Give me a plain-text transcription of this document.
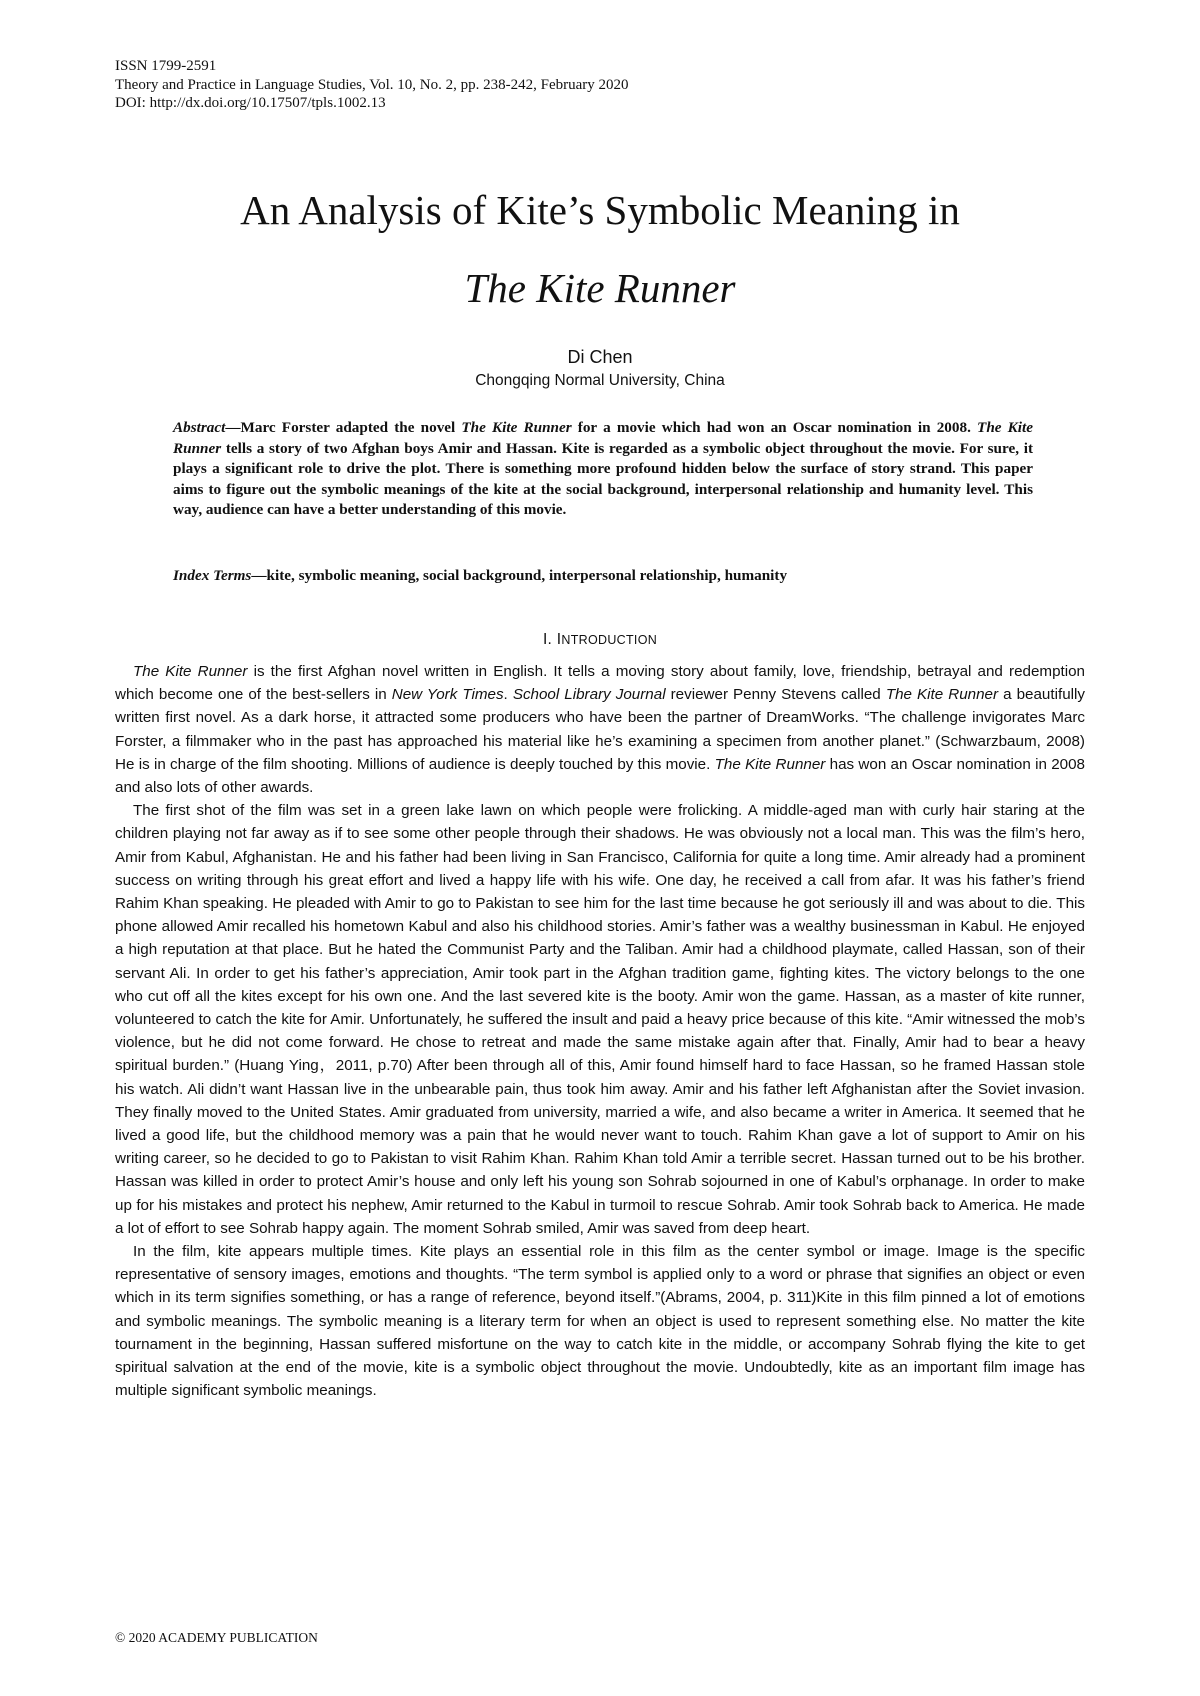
ISSN 1799-2591
Theory and Practice in Language Studies, Vol. 10, No. 2, pp. 238-242, February 2020
DOI: http://dx.doi.org/10.17507/tpls.1002.13
An Analysis of Kite’s Symbolic Meaning in
The Kite Runner
Di Chen
Chongqing Normal University, China
Abstract—Marc Forster adapted the novel The Kite Runner for a movie which had won an Oscar nomination in 2008. The Kite Runner tells a story of two Afghan boys Amir and Hassan. Kite is regarded as a symbolic object throughout the movie. For sure, it plays a significant role to drive the plot. There is something more profound hidden below the surface of story strand. This paper aims to figure out the symbolic meanings of the kite at the social background, interpersonal relationship and humanity level. This way, audience can have a better understanding of this movie.
Index Terms—kite, symbolic meaning, social background, interpersonal relationship, humanity
I. INTRODUCTION

The Kite Runner is the first Afghan novel written in English. It tells a moving story about family, love, friendship, betrayal and redemption which become one of the best-sellers in New York Times. School Library Journal reviewer Penny Stevens called The Kite Runner a beautifully written first novel. As a dark horse, it attracted some producers who have been the partner of DreamWorks. “The challenge invigorates Marc Forster, a filmmaker who in the past has approached his material like he’s examining a specimen from another planet.” (Schwarzbaum, 2008) He is in charge of the film shooting. Millions of audience is deeply touched by this movie. The Kite Runner has won an Oscar nomination in 2008 and also lots of other awards.

The first shot of the film was set in a green lake lawn on which people were frolicking. A middle-aged man with curly hair staring at the children playing not far away as if to see some other people through their shadows. He was obviously not a local man. This was the film’s hero, Amir from Kabul, Afghanistan. He and his father had been living in San Francisco, California for quite a long time. Amir already had a prominent success on writing through his great effort and lived a happy life with his wife. One day, he received a call from afar. It was his father’s friend Rahim Khan speaking. He pleaded with Amir to go to Pakistan to see him for the last time because he got seriously ill and was about to die. This phone allowed Amir recalled his hometown Kabul and also his childhood stories. Amir’s father was a wealthy businessman in Kabul. He enjoyed a high reputation at that place. But he hated the Communist Party and the Taliban. Amir had a childhood playmate, called Hassan, son of their servant Ali. In order to get his father’s appreciation, Amir took part in the Afghan tradition game, fighting kites. The victory belongs to the one who cut off all the kites except for his own one. And the last severed kite is the booty. Amir won the game. Hassan, as a master of kite runner, volunteered to catch the kite for Amir. Unfortunately, he suffered the insult and paid a heavy price because of this kite. “Amir witnessed the mob’s violence, but he did not come forward. He chose to retreat and made the same mistake again after that. Finally, Amir had to bear a heavy spiritual burden.” (Huang Ying，2011, p.70) After been through all of this, Amir found himself hard to face Hassan, so he framed Hassan stole his watch. Ali didn’t want Hassan live in the unbearable pain, thus took him away. Amir and his father left Afghanistan after the Soviet invasion. They finally moved to the United States. Amir graduated from university, married a wife, and also became a writer in America. It seemed that he lived a good life, but the childhood memory was a pain that he would never want to touch. Rahim Khan gave a lot of support to Amir on his writing career, so he decided to go to Pakistan to visit Rahim Khan. Rahim Khan told Amir a terrible secret. Hassan turned out to be his brother. Hassan was killed in order to protect Amir’s house and only left his young son Sohrab sojourned in one of Kabul’s orphanage. In order to make up for his mistakes and protect his nephew, Amir returned to the Kabul in turmoil to rescue Sohrab. Amir took Sohrab back to America. He made a lot of effort to see Sohrab happy again. The moment Sohrab smiled, Amir was saved from deep heart.

In the film, kite appears multiple times. Kite plays an essential role in this film as the center symbol or image. Image is the specific representative of sensory images, emotions and thoughts. “The term symbol is applied only to a word or phrase that signifies an object or even which in its term signifies something, or has a range of reference, beyond itself.”(Abrams, 2004, p. 311)Kite in this film pinned a lot of emotions and symbolic meanings. The symbolic meaning is a literary term for when an object is used to represent something else. No matter the kite tournament in the beginning, Hassan suffered misfortune on the way to catch kite in the middle, or accompany Sohrab flying the kite to get spiritual salvation at the end of the movie, kite is a symbolic object throughout the movie. Undoubtedly, kite as an important film image has multiple significant symbolic meanings.

© 2020 ACADEMY PUBLICATION
